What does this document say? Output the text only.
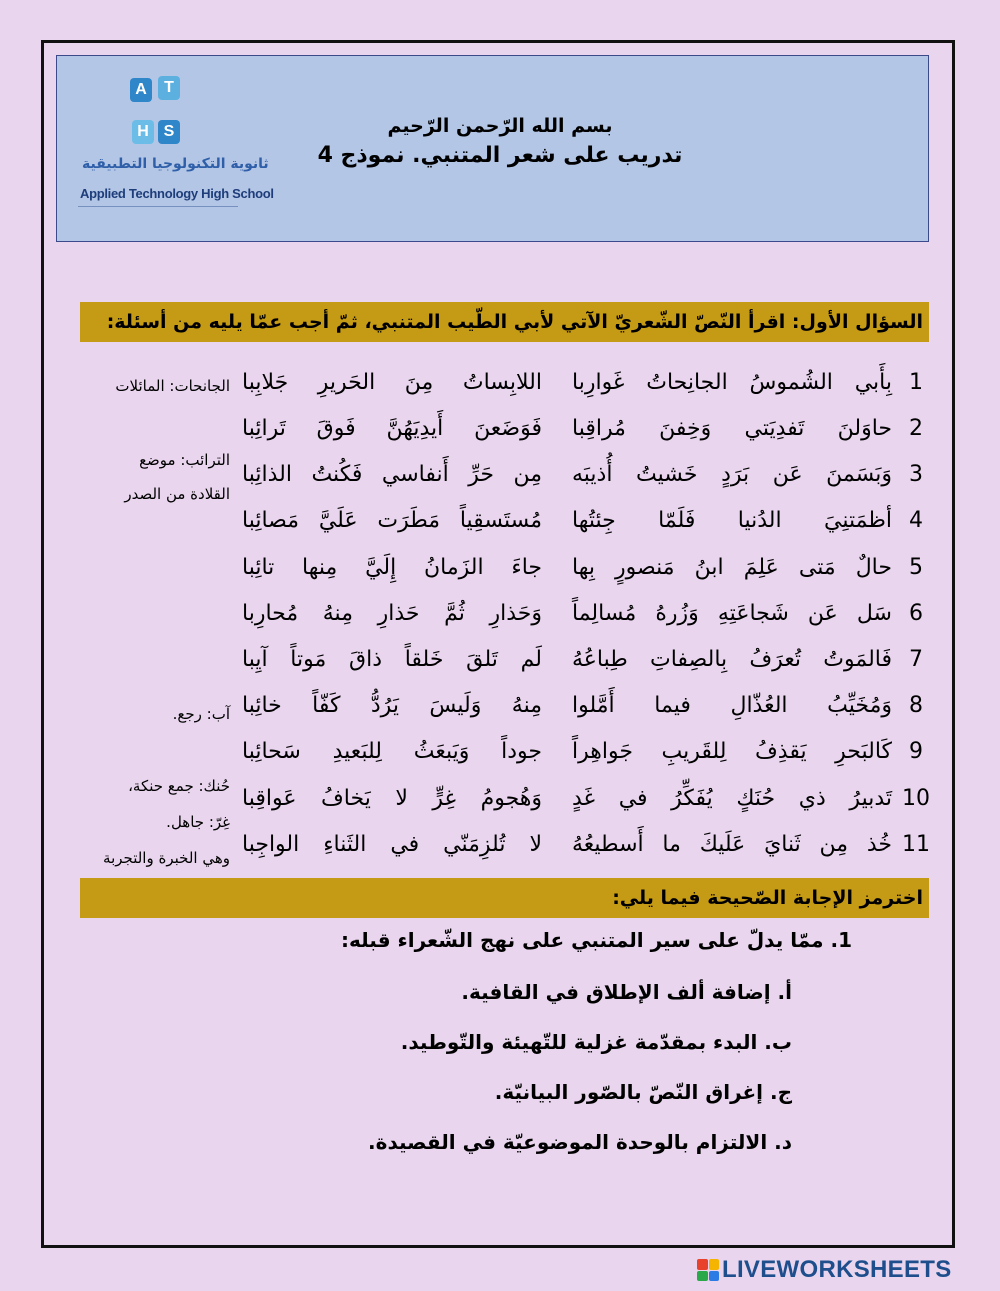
A	T
H S
ثانوية التكنولوجيا التطبيقية
Applied Technology High School
بسم الله الرّحمن الرّحيم
تدريب على شعر المتنبي. نموذج 4
السؤال الأول: اقرأ النّصّ الشّعريّ الآتي لأبي الطّيب المتنبي، ثمّ أجب عمّا يليه من أسئلة:
1
بِأَبي الشُموسُ الجانِحاتُ غَوارِبا
اللابِساتُ مِنَ الحَريرِ جَلابِبا
2
حاوَلنَ تَفدِيَتي وَخِفنَ مُراقِبا
فَوَضَعنَ أَيدِيَهُنَّ فَوقَ تَرائِبا
3
وَبَسَمنَ عَن بَرَدٍ خَشيتُ أُذيبَه
مِن حَرِّ أَنفاسي فَكُنتُ الذائِبا
4
أظمَتنِيَ الدُنيا فَلَمّا جِئتُها
مُستَسقِياً مَطَرَت عَلَيَّ مَصائِبا
5
حالٌ مَتى عَلِمَ ابنُ مَنصورٍ بِها
جاءَ الزَمانُ إِلَيَّ مِنها تائِبا
6
سَل عَن شَجاعَتِهِ وَزُرهُ مُسالِماً
وَحَذارِ ثُمَّ حَذارِ مِنهُ مُحارِبا
7
فَالمَوتُ تُعرَفُ بِالصِفاتِ طِباعُهُ
لَم تَلقَ خَلقاً ذاقَ مَوتاً آيِبا
8
وَمُخَيِّبُ العُذّالِ فيما أَمَّلوا
مِنهُ وَلَيسَ يَرُدُّ كَفّاً خائِبا
9
كَالبَحرِ يَقذِفُ لِلقَريبِ جَواهِراً
جوداً وَيَبعَثُ لِلبَعيدِ سَحائِبا
10
تَدبيرُ ذي حُنَكٍ يُفَكِّرُ في غَدٍ
وَهُجومُ غِرٍّ لا يَخافُ عَواقِبا
11
خُذ مِن ثَنايَ عَلَيكَ ما أَسطيعُهُ
لا تُلزِمَنّي في الثَناءِ الواجِبا
الجانحات: المائلات
الترائب: موضع
القلادة من الصدر
آب: رجع.
حُنك: جمع حنكة،
غِرّ: جاهل.
وهي الخبرة والتجربة
اخترمز الإجابة الصّحيحة فيما يلي:
1. ممّا يدلّ على سير المتنبي على نهج الشّعراء قبله:
أ. إضافة ألف الإطلاق في القافية.
ب. البدء بمقدّمة غزلية للتّهيئة والتّوطيد.
ج. إغراق النّصّ بالصّور البيانيّة.
د. الالتزام بالوحدة الموضوعيّة في القصيدة.
LIVEWORKSHEETS
